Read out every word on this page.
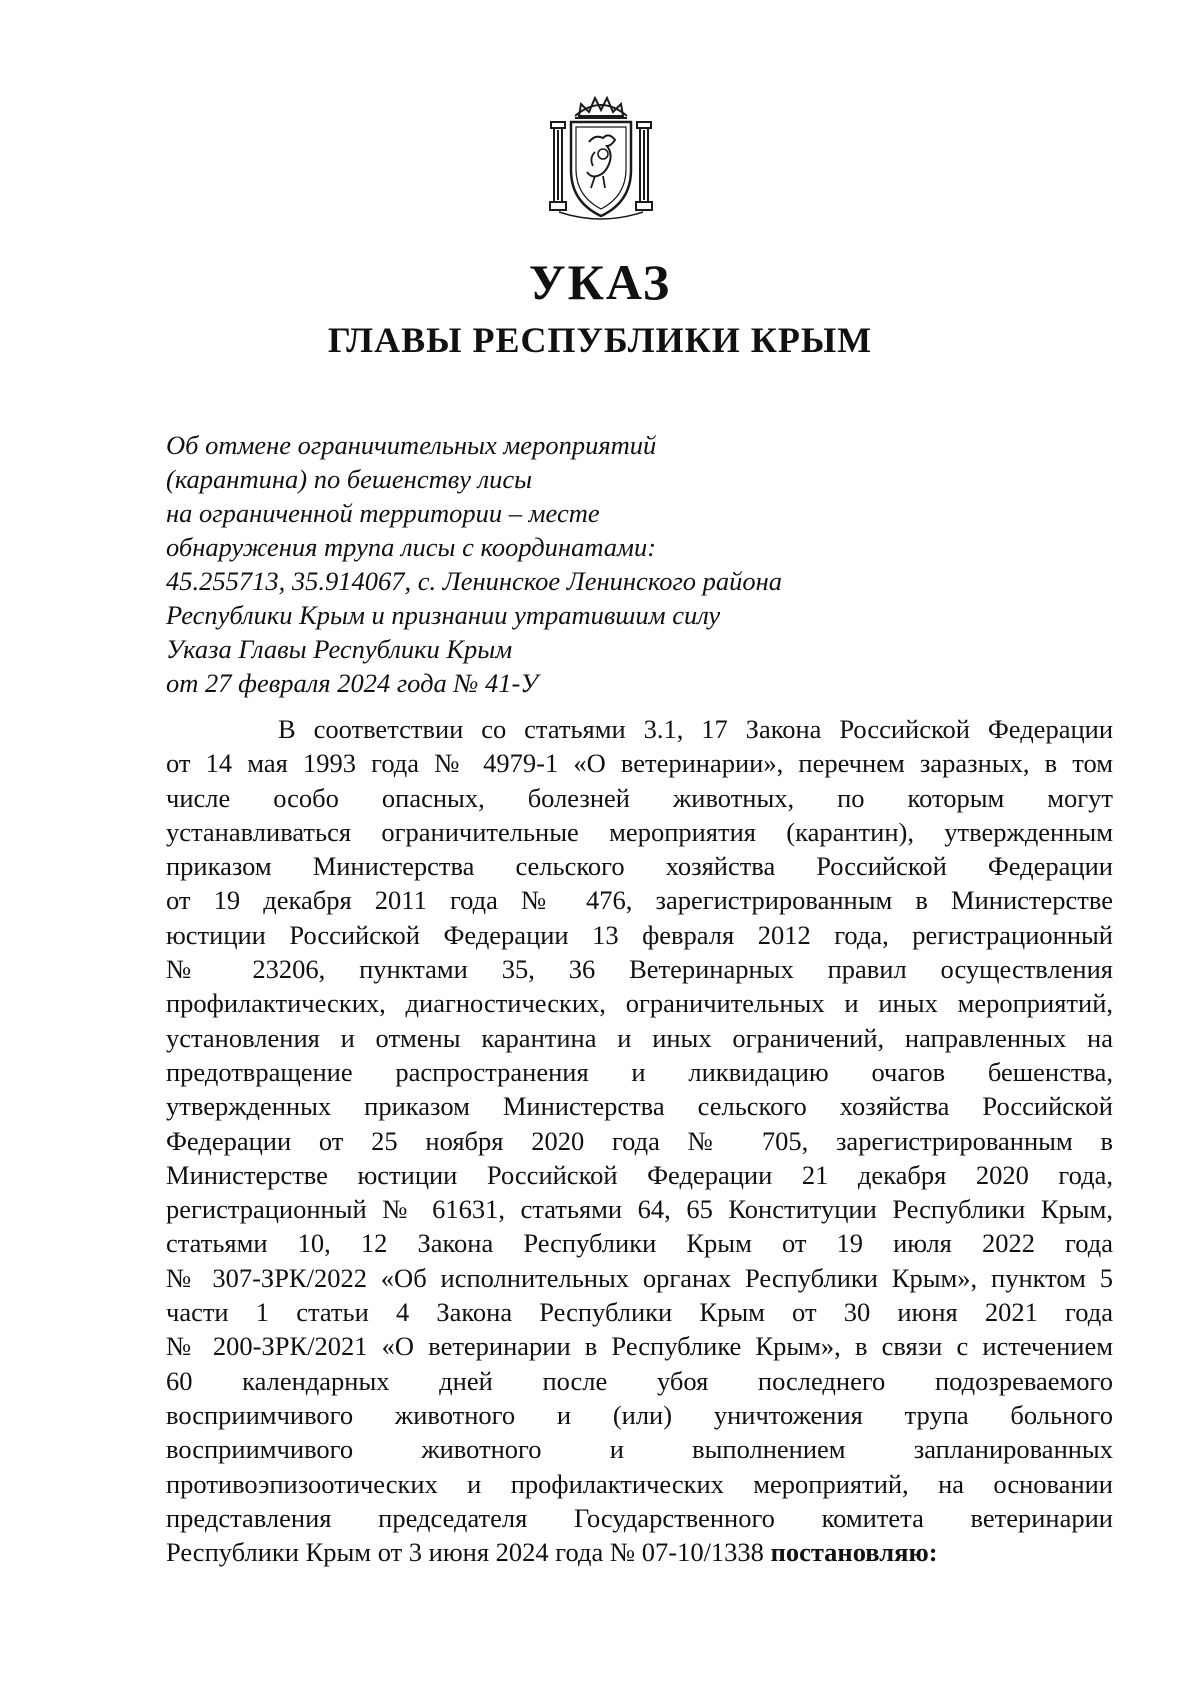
УКАЗ
ГЛАВЫ РЕСПУБЛИКИ КРЫМ
Об отмене ограничительных мероприятий
(карантина) по бешенству лисы
на ограниченной территории – месте
обнаружения трупа лисы с координатами:
45.255713, 35.914067, с. Ленинское Ленинского района
Республики Крым и признании утратившим силу
Указа Главы Республики Крым
от 27 февраля 2024 года № 41-У
В соответствии со статьями 3.1, 17 Закона Российской Федерации
от 14 мая 1993 года № 4979-1 «О ветеринарии», перечнем заразных, в том
числе особо опасных, болезней животных, по которым могут
устанавливаться ограничительные мероприятия (карантин), утвержденным
приказом Министерства сельского хозяйства Российской Федерации
от 19 декабря 2011 года № 476, зарегистрированным в Министерстве
юстиции Российской Федерации 13 февраля 2012 года, регистрационный
№ 23206, пунктами 35, 36 Ветеринарных правил осуществления
профилактических, диагностических, ограничительных и иных мероприятий,
установления и отмены карантина и иных ограничений, направленных на
предотвращение распространения и ликвидацию очагов бешенства,
утвержденных приказом Министерства сельского хозяйства Российской
Федерации от 25 ноября 2020 года № 705, зарегистрированным в
Министерстве юстиции Российской Федерации 21 декабря 2020 года,
регистрационный № 61631, статьями 64, 65 Конституции Республики Крым,
статьями 10, 12 Закона Республики Крым от 19 июля 2022 года
№ 307-ЗРК/2022 «Об исполнительных органах Республики Крым», пунктом 5
части 1 статьи 4 Закона Республики Крым от 30 июня 2021 года
№ 200-ЗРК/2021 «О ветеринарии в Республике Крым», в связи с истечением
60 календарных дней после убоя последнего подозреваемого
восприимчивого животного и (или) уничтожения трупа больного
восприимчивого животного и выполнением запланированных
противоэпизоотических и профилактических мероприятий, на основании
представления председателя Государственного комитета ветеринарии
Республики Крым от 3 июня 2024 года № 07-10/1338 постановляю:
